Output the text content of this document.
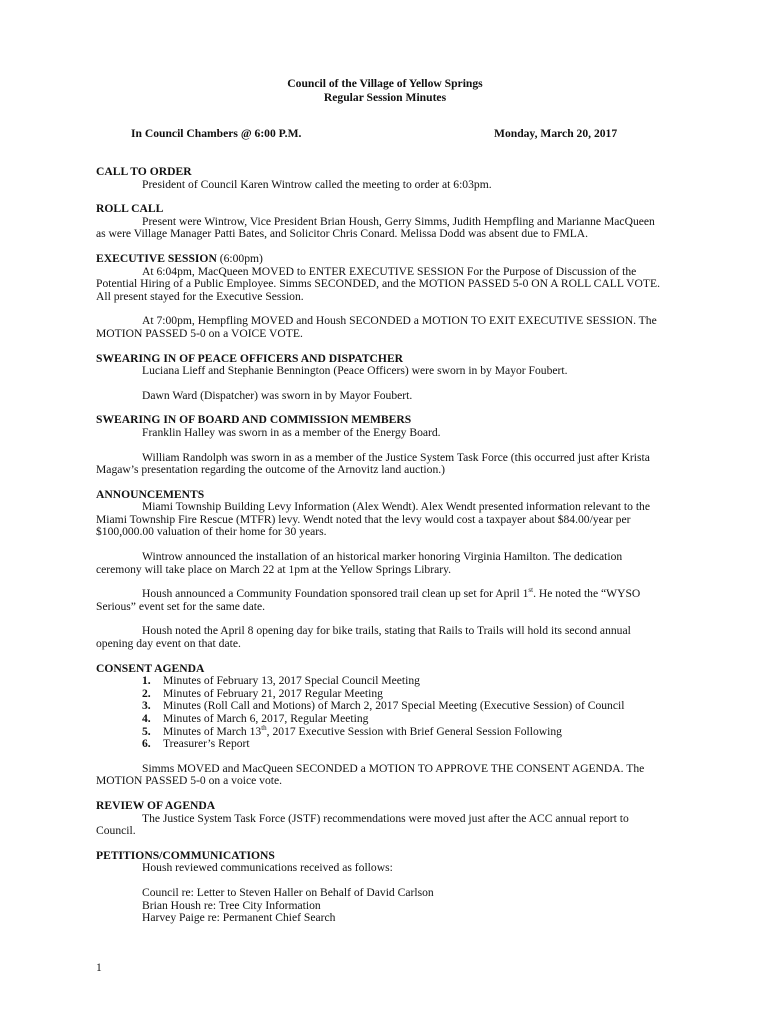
Council of the Village of Yellow Springs
Regular Session Minutes
In Council Chambers @ 6:00 P.M.	Monday, March 20, 2017

CALL TO ORDER

President of Council Karen Wintrow called the meeting to order at 6:03pm.

ROLL CALL

Present were Wintrow, Vice President Brian Housh, Gerry Simms, Judith Hempfling and Marianne MacQueen as were Village Manager Patti Bates, and Solicitor Chris Conard. Melissa Dodd was absent due to FMLA.

EXECUTIVE SESSION (6:00pm)

At 6:04pm, MacQueen MOVED to ENTER EXECUTIVE SESSION For the Purpose of Discussion of the Potential Hiring of a Public Employee. Simms SECONDED, and the MOTION PASSED 5-0 ON A ROLL CALL VOTE. All present stayed for the Executive Session.

At 7:00pm, Hempfling MOVED and Housh SECONDED a MOTION TO EXIT EXECUTIVE SESSION. The MOTION PASSED 5-0 on a VOICE VOTE.

SWEARING IN OF PEACE OFFICERS AND DISPATCHER

Luciana Lieff and Stephanie Bennington (Peace Officers) were sworn in by Mayor Foubert.

Dawn Ward (Dispatcher) was sworn in by Mayor Foubert.

SWEARING IN OF BOARD AND COMMISSION MEMBERS

Franklin Halley was sworn in as a member of the Energy Board.

William Randolph was sworn in as a member of the Justice System Task Force (this occurred just after Krista Magaw’s presentation regarding the outcome of the Arnovitz land auction.)

ANNOUNCEMENTS

Miami Township Building Levy Information (Alex Wendt). Alex Wendt presented information relevant to the Miami Township Fire Rescue (MTFR) levy. Wendt noted that the levy would cost a taxpayer about $84.00/year per $100,000.00 valuation of their home for 30 years.

Wintrow announced the installation of an historical marker honoring Virginia Hamilton. The dedication ceremony will take place on March 22 at 1pm at the Yellow Springs Library.

Housh announced a Community Foundation sponsored trail clean up set for April 1st. He noted the “WYSO Serious” event set for the same date.

Housh noted the April 8 opening day for bike trails, stating that Rails to Trails will hold its second annual opening day event on that date.

CONSENT AGENDA

1. Minutes of February 13, 2017 Special Council Meeting
2. Minutes of February 21, 2017 Regular Meeting
3. Minutes (Roll Call and Motions) of March 2, 2017 Special Meeting (Executive Session) of Council
4. Minutes of March 6, 2017, Regular Meeting
5. Minutes of March 13th, 2017 Executive Session with Brief General Session Following
6. Treasurer’s Report

Simms MOVED and MacQueen SECONDED a MOTION TO APPROVE THE CONSENT AGENDA. The MOTION PASSED 5-0 on a voice vote.

REVIEW OF AGENDA

The Justice System Task Force (JSTF) recommendations were moved just after the ACC annual report to Council.

PETITIONS/COMMUNICATIONS

Housh reviewed communications received as follows:

Council re: Letter to Steven Haller on Behalf of David Carlson

Brian Housh re: Tree City Information

Harvey Paige re: Permanent Chief Search

1
